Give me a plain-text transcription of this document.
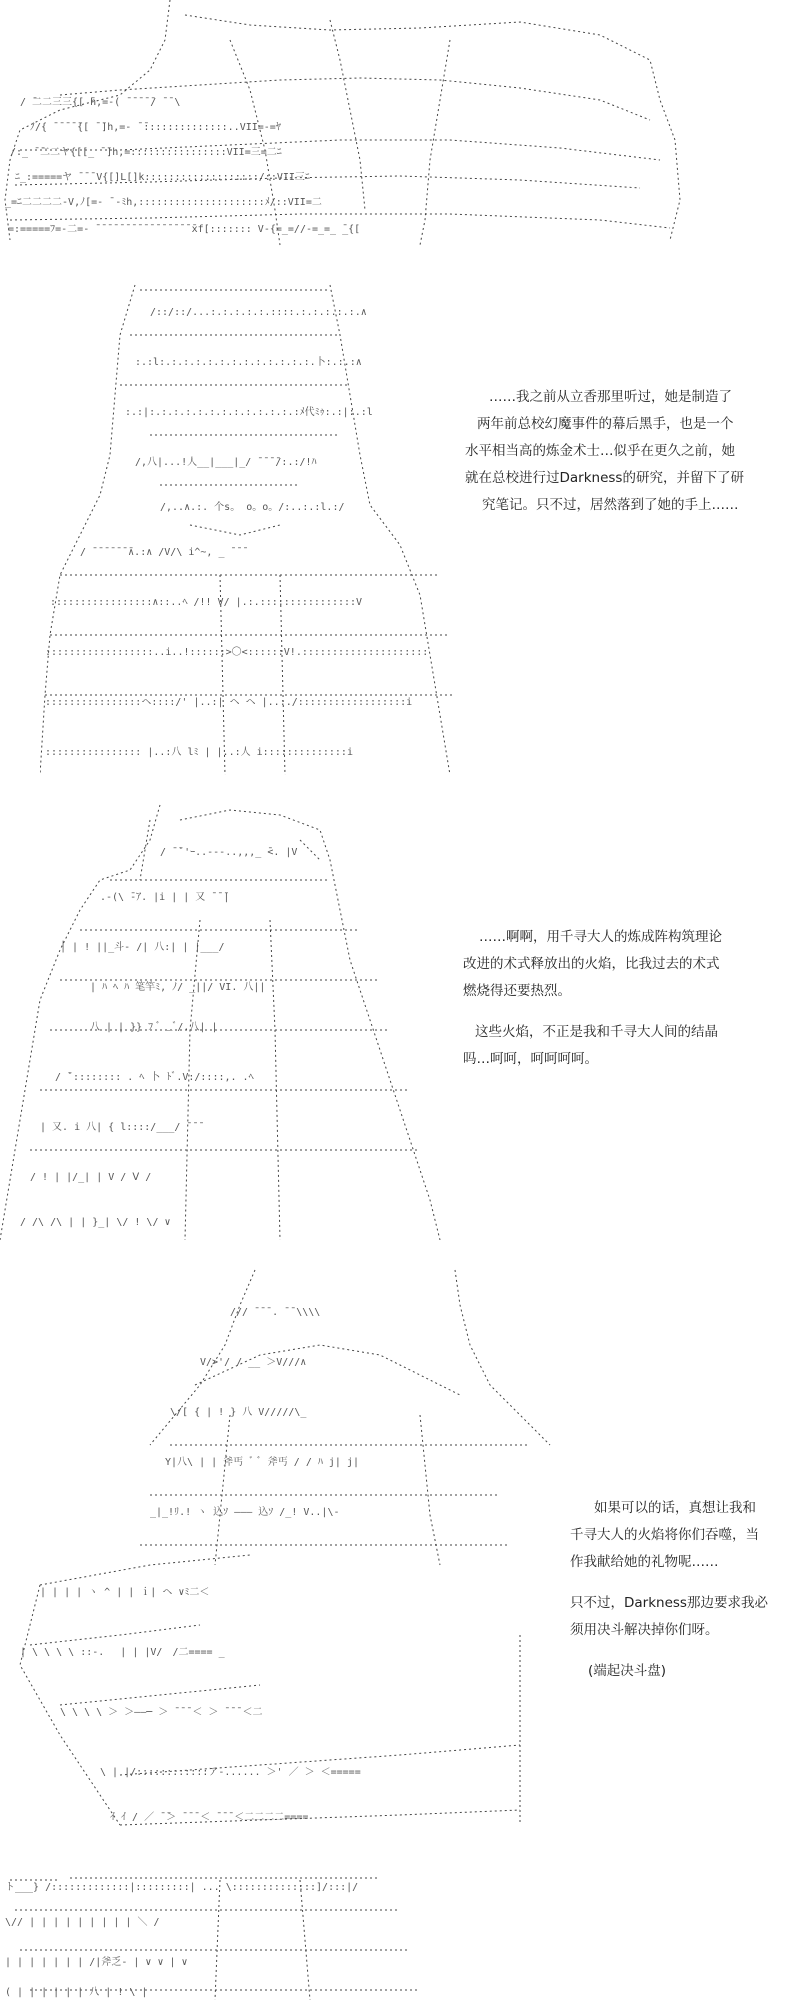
/ ̄二二三三{[ ̄h,=-( ̄ ̄ ̄ ̄ ̄/ ̄ ̄ \
ﾉ/{ ̄ ̄ ̄ ̄ ̄{[ ̄ ̄]h,=- ̄ ̄::::::::::::::..VII=-=ﾔ
/:_ ̄ ̄二二ヤ{[[_ ̄ ̄]h,=::::::::::::::::VII=三=二ﾆ
ﾆ_:=====ヤ ̄ ̄ ̄ V{[]L[]k:::::::::::::::::::/::VII三ﾆ
_=ﾆ二二二二-V,ﾉ[=- ̄ -ﾐh,:::::::::::::::::::::ﾒ/::VII=二
=:=====ﾌ=-二=- ̄ ̄ ̄ ̄ ̄ ̄ ̄ ̄ ̄ ̄ ̄ ̄ ̄ ̄ ̄ ̄ ̄xf[::::::: V-{=_=//-=_=_ ̄_{[
/::/::/...:.:.:.:.:.::::.:.:.:.:.:.∧
:.:l:.:.:.:.:.:.:.:.:.:.:.:.:.卜:.:.:∧
:.:|:.:.:.:.:.:.:.:.:.:.:.:.:ﾒ代ﾐｩ:.:|:.:l
/,八|...!人__|___|_/ ̄ ̄ ̄ ̄/:.:/!ﾊ
/,..∧.:. 个s。 o。o。/:..:.:l.:/
/ ̄ ̄ ̄ ̄ ̄ ̄ ̄∧.:∧ /V/\ i^~, _ ̄ ̄ ̄
:::::::::::::::::∧::..ﾍ /!! V/ |.:.::::::::::::::::V
::::::::::::::::::..i..!::::::>〇<::::::V!.:::::::::::::::::::::
::::::::::::::::ヘ::::/' |..:| ヘ ヘ |..:./::::::::::::::::::i
:::::::::::::::: |..:八 lﾐ | |..:人 i::::::::::::::i

……我之前从立香那里听过，她是制造了

两年前总校幻魔事件的幕后黑手，也是一个

水平相当高的炼金术士…似乎在更久之前，她

就在总校进行过Darkness的研究，并留下了研

究笔记。只不过，居然落到了她的手上……

/ ̄ ̄`'ｰ..---..,,,_ ̄<. |V
.-(\ ̄-ｱ. |i | | 又 ̄ ̄ ̄|
│ | ! ||_斗- /| 八:| | |___/
| ﾊ ﾍ ﾊ 笔竿ﾐ, ﾉ/ _||/ VI. 八||
八 | | }} ﾌ ﾞ _ﾞ/.八| |
/ ̄`:::::::: . ﾍ 卜 ﾄﾞ.V:/::::,. .ﾍ
| 又. i 八| { l::::/___/ ̄ ̄ ̄
/ ! | |/_| | V / Ⅴ /
/ /\ /\ | | }_| \/ ! \/ ∨

……啊啊，用千寻大人的炼成阵构筑理论

改进的术式释放出的火焰，比我过去的术式

燃烧得还要热烈。

这些火焰，不正是我和千寻大人间的结晶

吗…呵呵，呵呵呵呵。

/// ̄ ̄ ̄ . ̄ ̄ \\\\
V/>'/ / __ ＞V///∧
\/[ { | ! } 八 V/////\_
Y|八\ | | 斧丐 ﾞ ﾞ 斧丐 / / ﾊ j| j|
_|_!ﾘ.! ヽ 込ｿ ——— 込ｿ /_! V..|\-
| | | | ヽ ^ | | ｉ| ヘ ∨ﾐ二＜
| \ \ \ \ ::-.　 | | |V/　/二==== _
\ \ \ \ ＞ ＞——─ ＞ ̄ ̄ ̄ ＜ ＞ ̄ ̄ ̄ ＜二
\ | |/::::::::::::ア-...... ＞' ／ ＞ ＜=====
ｲ ｲ / ／ ̄ ̄＞ ̄ ̄ ̄ ＜ ̄ ̄ ̄ ＜二二二二====

如果可以的话，真想让我和

千寻大人的火焰将你们吞噬，当

作我献给她的礼物呢……

只不过，Darkness那边要求我必

须用决斗解决掉你们呀。

(端起决斗盘)

ト___} /:::::::::::::|:::::::::| ... \::::::::::::::]/:::|/
\// | | | | | | | | | ＼ /
| | | | | | | /|斧乏- | ∨ ∨ | ∨
( | | | | | | 八 | ! \ |
